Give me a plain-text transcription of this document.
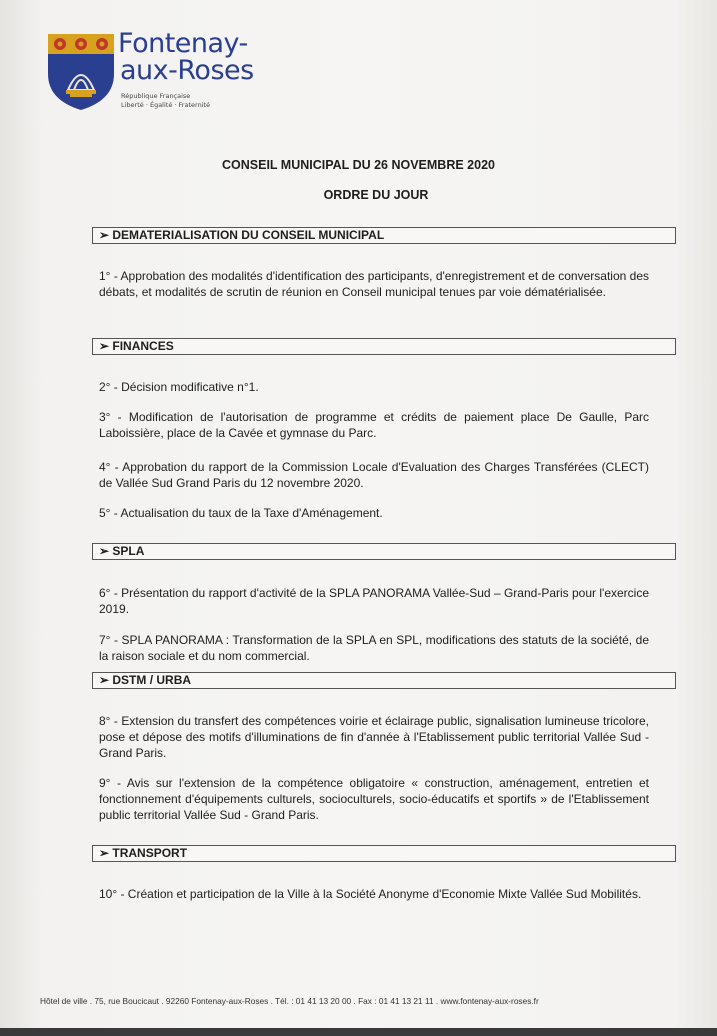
Fontenay-
aux-Roses
République Française
Liberté · Égalité · Fraternité
CONSEIL MUNICIPAL DU 26 NOVEMBRE 2020
ORDRE DU JOUR
➢ DEMATERIALISATION DU CONSEIL MUNICIPAL
1° - Approbation des modalités d'identification des participants, d'enregistrement et de conversation des débats, et modalités de scrutin de réunion en Conseil municipal tenues par voie dématérialisée.
➢ FINANCES
2° - Décision modificative n°1.
3° - Modification de l'autorisation de programme et crédits de paiement place De Gaulle, Parc Laboissière, place de la Cavée et gymnase du Parc.
4° - Approbation du rapport de la Commission Locale d'Evaluation des Charges Transférées (CLECT) de Vallée Sud Grand Paris du 12 novembre 2020.
5° - Actualisation du taux de la Taxe d'Aménagement.
➢ SPLA
6° - Présentation du rapport d'activité de la SPLA PANORAMA Vallée-Sud – Grand-Paris pour l'exercice 2019.
7° - SPLA PANORAMA : Transformation de la SPLA en SPL, modifications des statuts de la société, de la raison sociale et du nom commercial.
➢ DSTM / URBA
8° - Extension du transfert des compétences voirie et éclairage public, signalisation lumineuse tricolore, pose et dépose des motifs d'illuminations de fin d'année à l'Etablissement public territorial Vallée Sud - Grand Paris.
9° - Avis sur l'extension de la compétence obligatoire « construction, aménagement, entretien et fonctionnement d'équipements culturels, socioculturels, socio-éducatifs et sportifs » de l'Etablissement public territorial Vallée Sud - Grand Paris.
➢ TRANSPORT
10° - Création et participation de la Ville à la Société Anonyme d'Economie Mixte Vallée Sud Mobilités.
Hôtel de ville . 75, rue Boucicaut . 92260 Fontenay-aux-Roses . Tél. : 01 41 13 20 00 . Fax : 01 41 13 21 11 . www.fontenay-aux-roses.fr
